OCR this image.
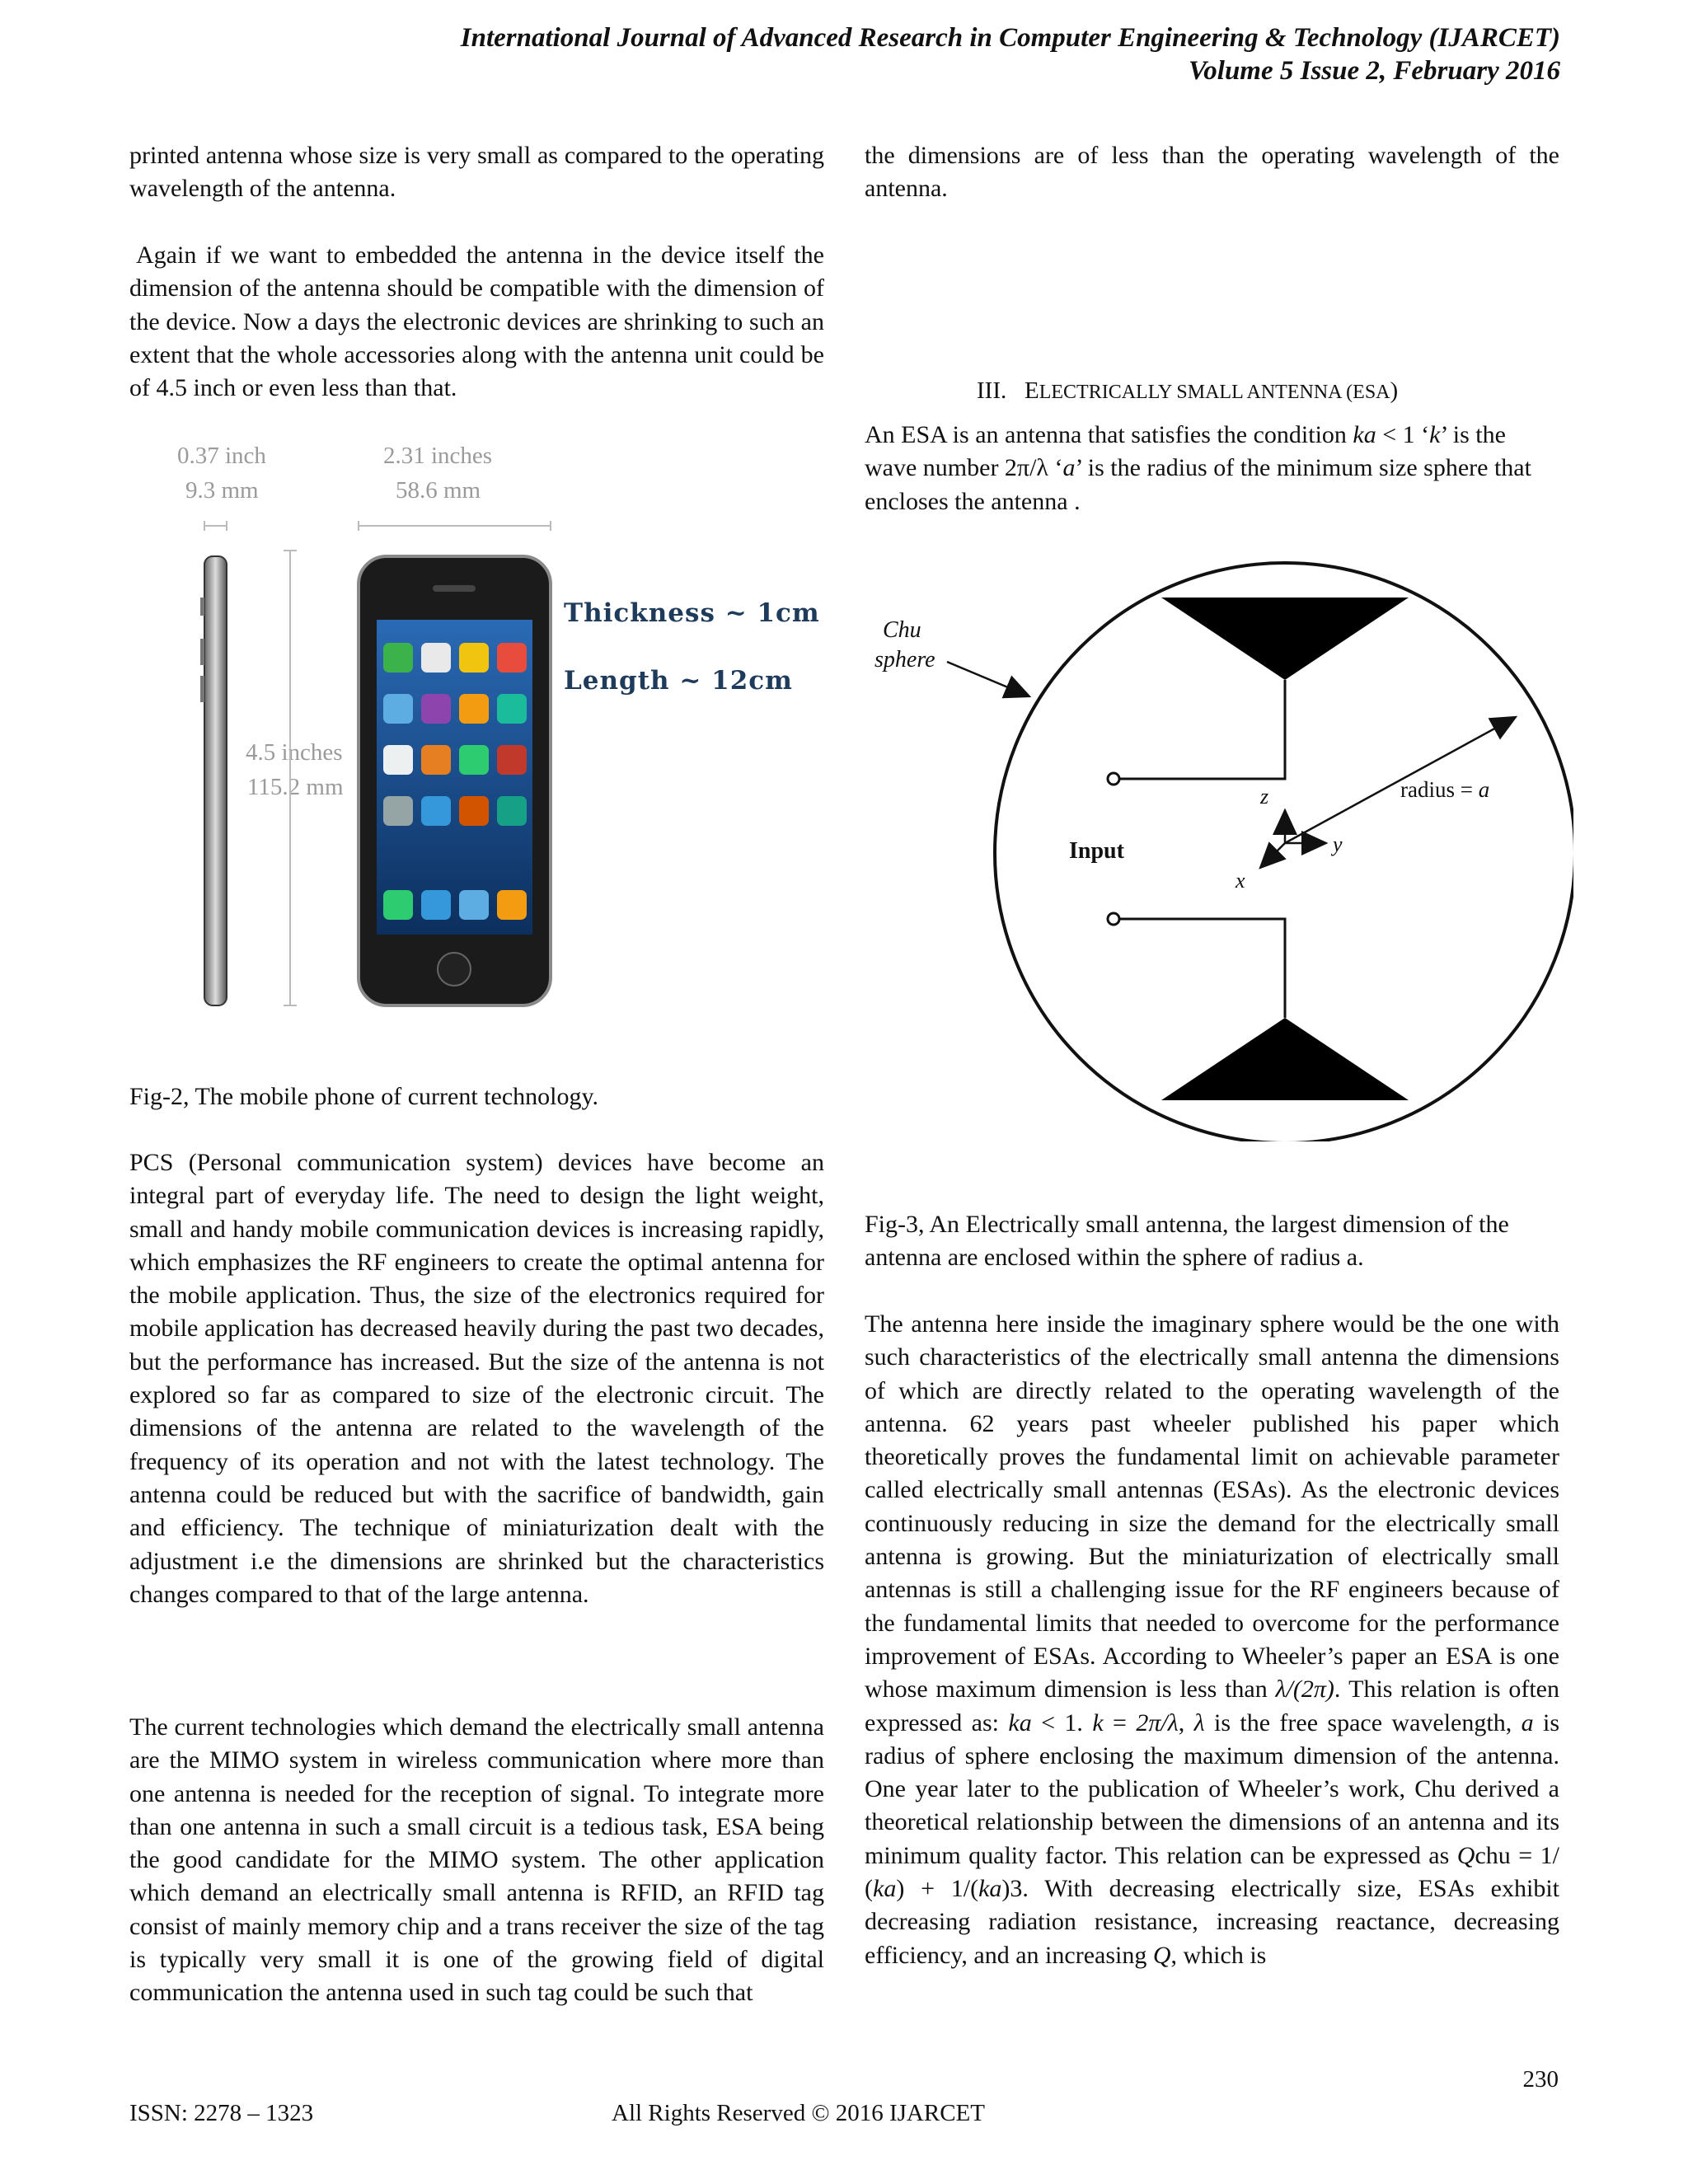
International Journal of Advanced Research in Computer Engineering & Technology (IJARCET)
Volume 5 Issue 2, February 2016

printed antenna whose size is very small as compared to the operating wavelength of the antenna.

Again if we want to embedded the antenna in the device itself the dimension of the antenna should be compatible with the dimension of the device. Now a days the electronic devices are shrinking to such an extent that the whole accessories along with the antenna unit could be of 4.5 inch or even less than that.

0.37 inch
9.3 mm
2.31 inches
58.6 mm
4.5 inches
115.2 mm
Thickness ~ 1cm
Length ~ 12cm
Fig-2, The mobile phone of current technology.

PCS (Personal communication system) devices have become an integral part of everyday life. The need to design the light weight, small and handy mobile communication devices is increasing rapidly, which emphasizes the RF engineers to create the optimal antenna for the mobile application. Thus, the size of the electronics required for mobile application has decreased heavily during the past two decades, but the performance has increased. But the size of the antenna is not explored so far as compared to size of the electronic circuit. The dimensions of the antenna are related to the wavelength of the frequency of its operation and not with the latest technology. The antenna could be reduced but with the sacrifice of bandwidth, gain and efficiency. The technique of miniaturization dealt with the adjustment i.e the dimensions are shrinked but the characteristics changes compared to that of the large antenna.

The current technologies which demand the electrically small antenna are the MIMO system in wireless communication where more than one antenna is needed for the reception of signal. To integrate more than one antenna in such a small circuit is a tedious task, ESA being the good candidate for the MIMO system. The other application which demand an electrically small antenna is RFID, an RFID tag consist of mainly memory chip and a trans receiver the size of the tag is typically very small it is one of the growing field of digital communication the antenna used in such tag could be such that

the dimensions are of less than the operating wavelength of the antenna.

III. ELECTRICALLY SMALL ANTENNA (ESA)

An ESA is an antenna that satisfies the condition ka < 1 ‘k’ is the wave number 2π/λ ‘a’ is the radius of the minimum size sphere that encloses the antenna .

Chu
sphere
radius = a
Input
z
y
x

Fig-3, An Electrically small antenna, the largest dimension of the antenna are enclosed within the sphere of radius a.

The antenna here inside the imaginary sphere would be the one with such characteristics of the electrically small antenna the dimensions of which are directly related to the operating wavelength of the antenna. 62 years past wheeler published his paper which theoretically proves the fundamental limit on achievable parameter called electrically small antennas (ESAs). As the electronic devices continuously reducing in size the demand for the electrically small antenna is growing. But the miniaturization of electrically small antennas is still a challenging issue for the RF engineers because of the fundamental limits that needed to overcome for the performance improvement of ESAs. According to Wheeler’s paper an ESA is one whose maximum dimension is less than λ/(2π). This relation is often expressed as: ka < 1. k = 2π/λ, λ is the free space wavelength, a is radius of sphere enclosing the maximum dimension of the antenna. One year later to the publication of Wheeler’s work, Chu derived a theoretical relationship between the dimensions of an antenna and its minimum quality factor. This relation can be expressed as Qchu = 1/ (ka) + 1/(ka)3. With decreasing electrically size, ESAs exhibit decreasing radiation resistance, increasing reactance, decreasing efficiency, and an increasing Q, which is

230
ISSN: 2278 – 1323	All Rights Reserved © 2016 IJARCET
